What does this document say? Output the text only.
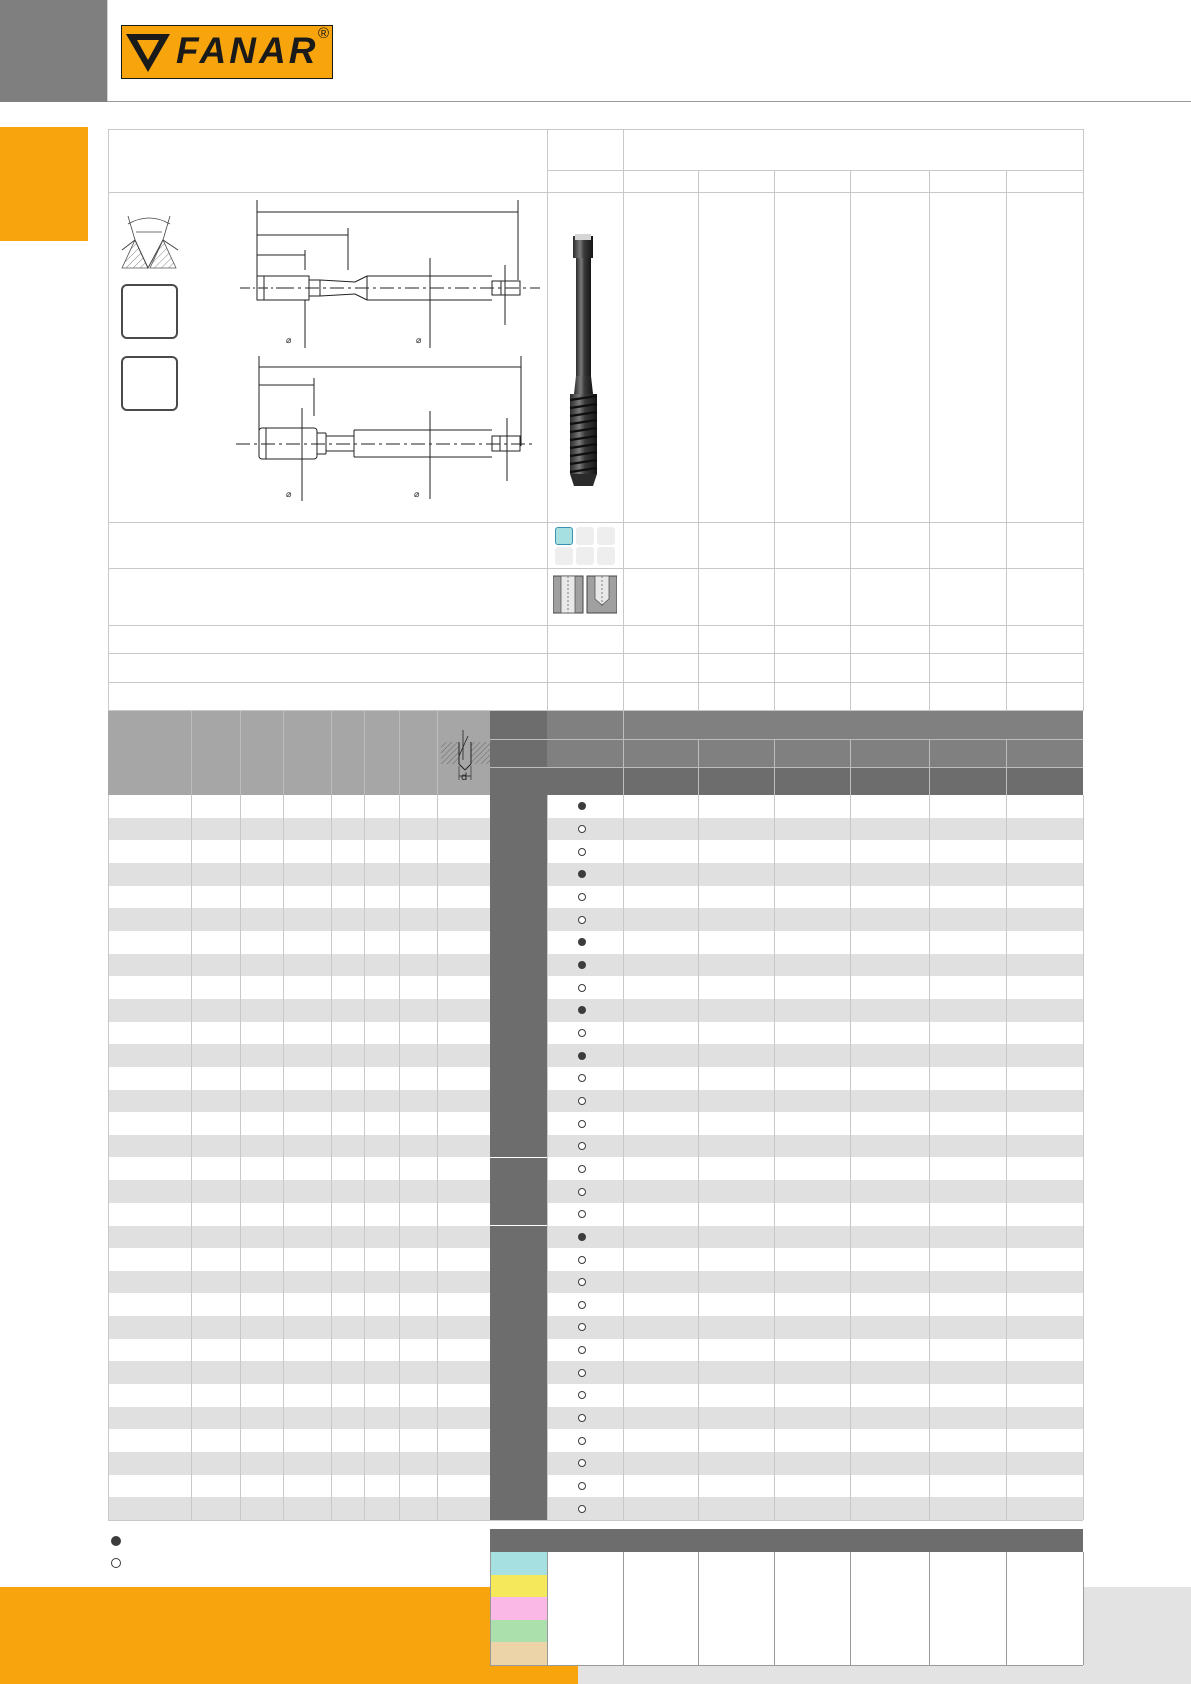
FANAR ®
⌀	⌀
⌀	⌀
d
